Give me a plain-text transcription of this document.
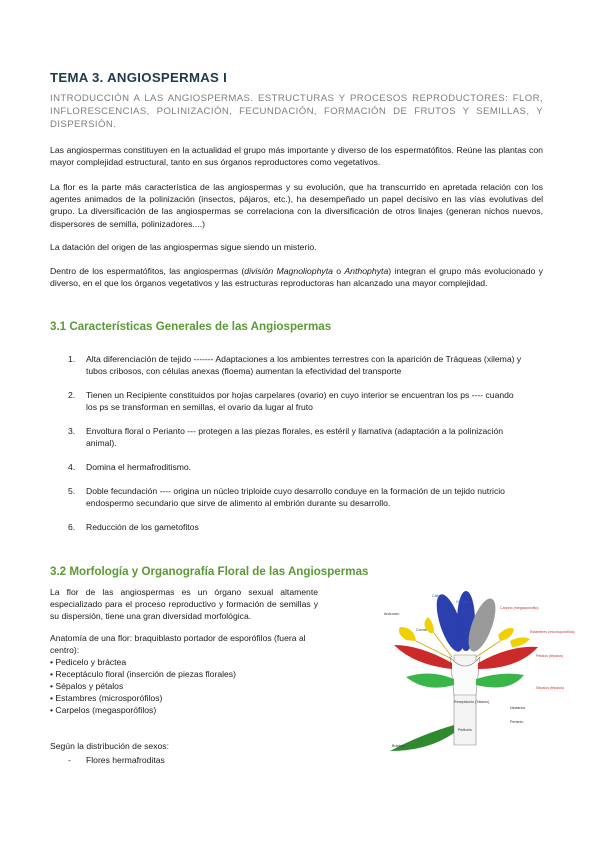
TEMA 3. ANGIOSPERMAS I
INTRODUCCIÓN A LAS ANGIOSPERMAS. ESTRUCTURAS Y PROCESOS REPRODUCTORES: FLOR, INFLORESCENCIAS, POLINIZACIÓN, FECUNDACIÓN, FORMACIÓN DE FRUTOS Y SEMILLAS, Y DISPERSIÓN.
Las angiospermas constituyen en la actualidad el grupo más importante y diverso de los espermatófitos. Reúne las plantas con mayor complejidad estructural, tanto en sus órganos reproductores como vegetativos.
La flor es la parte más característica de las angiospermas y su evolución, que ha transcurrido en apretada relación con los agentes animados de la polinización (insectos, pájaros, etc.), ha desempeñado un papel decisivo en las vías evolutivas del grupo. La diversificación de las angiospermas se correlaciona con la diversificación de otros linajes (generan nichos nuevos, dispersores de semilla, polinizadores....)
La datación del origen de las angiospermas sigue siendo un misterio.
Dentro de los espermatófitos, las angiospermas (división Magnoliophyta o Anthophyta) integran el grupo más evolucionado y diverso, en el que los órganos vegetativos y las estructuras reproductoras han alcanzado una mayor complejidad.
3.1 Características Generales de las Angiospermas
1. Alta diferenciación de tejido ------- Adaptaciones a los ambientes terrestres con la aparición de Tráqueas (xilema) y tubos cribosos, con células anexas (floema) aumentan la efectividad del transporte
2. Tienen un Recipiente constituidos por hojas carpelares (ovario) en cuyo interior se encuentran los ps ---- cuando los ps se transforman en semillas, el ovario da lugar al fruto
3. Envoltura floral o Perianto --- protegen a las piezas florales, es estéril y llamativa (adaptación a la polinización animal).
4. Domina el hermafroditismo.
5. Doble fecundación ---- origina un núcleo triploide cuyo desarrollo conduye en la formación de un tejido nutricio endospermo secundario que sirve de alimento al embrión durante su desarrollo.
6. Reducción de los gametofitos
3.2 Morfología y Organografía Floral de las Angiospermas
La flor de las angiospermas es un órgano sexual altamente especializado para el proceso reproductivo y formación de semillas y su dispersión, tiene una gran diversidad morfológica.
Anatomía de una flor: braquiblasto portador de esporófilos (fuera al centro):
• Pedicelo y bráctea
• Receptáculo floral (inserción de piezas florales)
• Sépalos y pétalos
• Estambres (microsporófilos)
• Carpelos (megasporófilos)
Según la distribución de sexos:
- Flores hermafroditas
Cáliz
Gineceo
Carpelo (megasporófilo)
Estambres (microsporófilos)
Androceo
Corola
Pétalos (tépalos)
Sépalos (tépalos)
Receptáculo (Tálamo)
Nectarios
Pedicelo
Bráctea
Perianto
